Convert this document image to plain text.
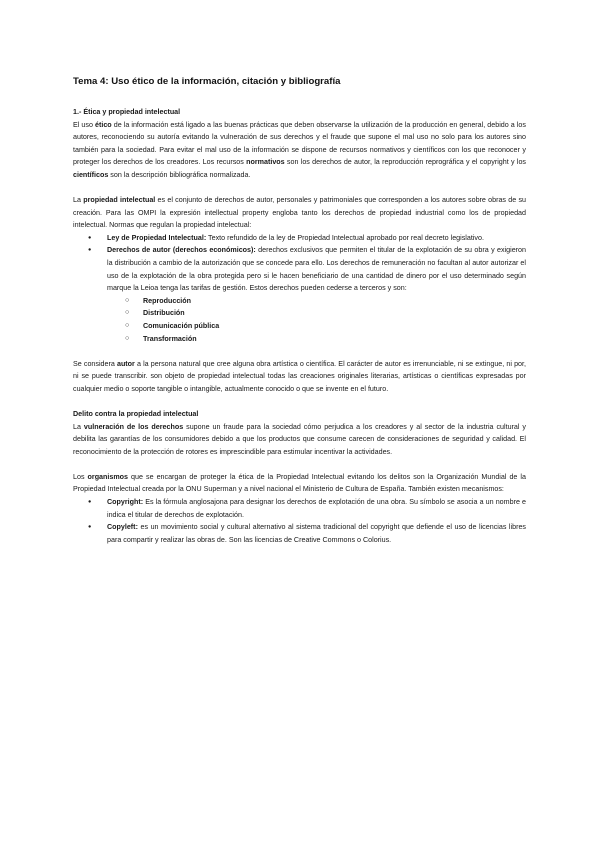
Tema 4: Uso ético de la información, citación y bibliografía
1.- Ética y propiedad intelectual

El uso ético de la información está ligado a las buenas prácticas que deben observarse la utilización de la producción en general, debido a los autores, reconociendo su autoría evitando la vulneración de sus derechos y el fraude que supone el mal uso no solo para los autores sino también para la sociedad. Para evitar el mal uso de la información se dispone de recursos normativos y científicos con los que reconocer y proteger los derechos de los creadores. Los recursos normativos son los derechos de autor, la reproducción reprográfica y el copyright y los científicos son la descripción bibliográfica normalizada.

La propiedad intelectual es el conjunto de derechos de autor, personales y patrimoniales que corresponden a los autores sobre obras de su creación. Para las OMPI la expresión intellectual property engloba tanto los derechos de propiedad industrial como los de propiedad intelectual. Normas que regulan la propiedad intelectual:

● Ley de Propiedad Intelectual: Texto refundido de la ley de Propiedad Intelectual aprobado por real decreto legislativo.
● Derechos de autor (derechos económicos): derechos exclusivos que permiten el titular de la explotación de su obra y exigieron la distribución a cambio de la autorización que se concede para ello. Los derechos de remuneración no facultan al autor autorizar el uso de la explotación de la obra protegida pero si le hacen beneficiario de una cantidad de dinero por el uso determinado según marque la Leioa tenga las tarifas de gestión. Estos derechos pueden cederse a terceros y son:
○ Reproducción
○ Distribución
○ Comunicación pública
○ Transformación

Se considera autor a la persona natural que cree alguna obra artística o científica. El carácter de autor es irrenunciable, ni se extingue, ni por, ni se puede transcribir. son objeto de propiedad intelectual todas las creaciones originales literarias, artísticas o científicas expresadas por cualquier medio o soporte tangible o intangible, actualmente conocido o que se invente en el futuro.

Delito contra la propiedad intelectual

La vulneración de los derechos supone un fraude para la sociedad cómo perjudica a los creadores y al sector de la industria cultural y debilita las garantías de los consumidores debido a que los productos que consume carecen de consideraciones de seguridad y calidad. El reconocimiento de la protección de rotores es imprescindible para estimular incentivar la actividades.

Los organismos que se encargan de proteger la ética de la Propiedad Intelectual evitando los delitos son la Organización Mundial de la Propiedad Intelectual creada por la ONU Superman y a nivel nacional el Ministerio de Cultura de España. También existen mecanismos:

● Copyright: Es la fórmula anglosajona para designar los derechos de explotación de una obra. Su símbolo se asocia a un nombre e indica el titular de derechos de explotación.
● Copyleft: es un movimiento social y cultural alternativo al sistema tradicional del copyright que defiende el uso de licencias libres para compartir y realizar las obras de. Son las licencias de Creative Commons o Colorius.
